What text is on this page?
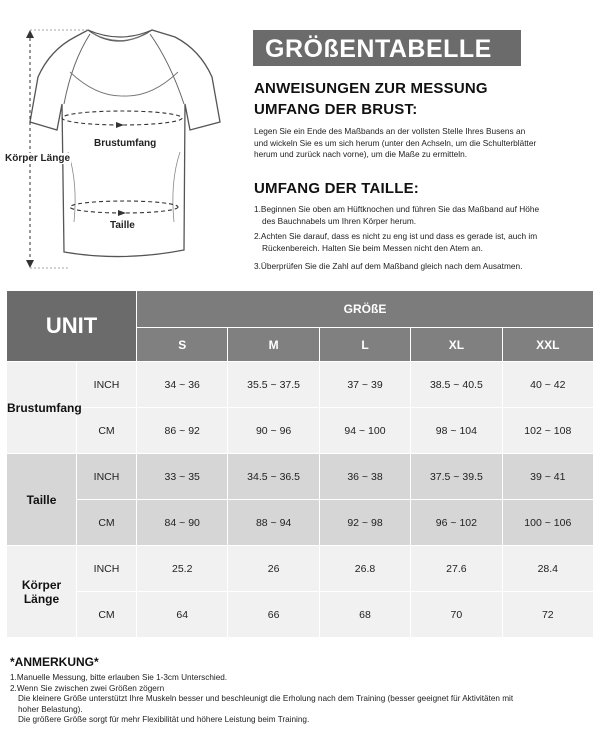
Brustumfang
Taille
Körper Länge
GRÖßENTABELLE
ANWEISUNGEN ZUR MESSUNG
UMFANG DER BRUST:

Legen Sie ein Ende des Maßbands an der vollsten Stelle Ihres Busens an

und wickeln Sie es um sich herum (unter den Achseln, um die Schulterblätter

herum und zurück nach vorne), um die Maße zu ermitteln.

UMFANG DER TAILLE:
1.Beginnen Sie oben am Hüftknochen und führen Sie das Maßband auf Höhe
des Bauchnabels um Ihren Körper herum.
2.Achten Sie darauf, dass es nicht zu eng ist und dass es gerade ist, auch im
Rückenbereich. Halten Sie beim Messen nicht den Atem an.
3.Überprüfen Sie die Zahl auf dem Maßband gleich nach dem Ausatmen.
UNIT		GRÖßE				
		S	M	L	XL	XXL
Brustumfang	INCH	34 ~ 36	35.5 ~ 37.5	37 ~ 39	38.5 ~ 40.5	40 ~ 42
	CM	86 ~ 92	90 ~ 96	94 ~ 100	98 ~ 104	102 ~ 108
Taille	INCH	33 ~ 35	34.5 ~ 36.5	36 ~ 38	37.5 ~ 39.5	39 ~ 41
	CM	84 ~ 90	88 ~ 94	92 ~ 98	96 ~ 102	100 ~ 106

Körper
Länge	INCH	25.2	26	26.8	27.6	28.4
	CM	64	66	68	70	72
*ANMERKUNG*

1.Manuelle Messung, bitte erlauben Sie 1-3cm Unterschied.

2.Wenn Sie zwischen zwei Größen zögern

Die kleinere Größe unterstützt Ihre Muskeln besser und beschleunigt die Erholung nach dem Training (besser geeignet für Aktivitäten mit

hoher Belastung).

Die größere Größe sorgt für mehr Flexibilität und höhere Leistung beim Training.
